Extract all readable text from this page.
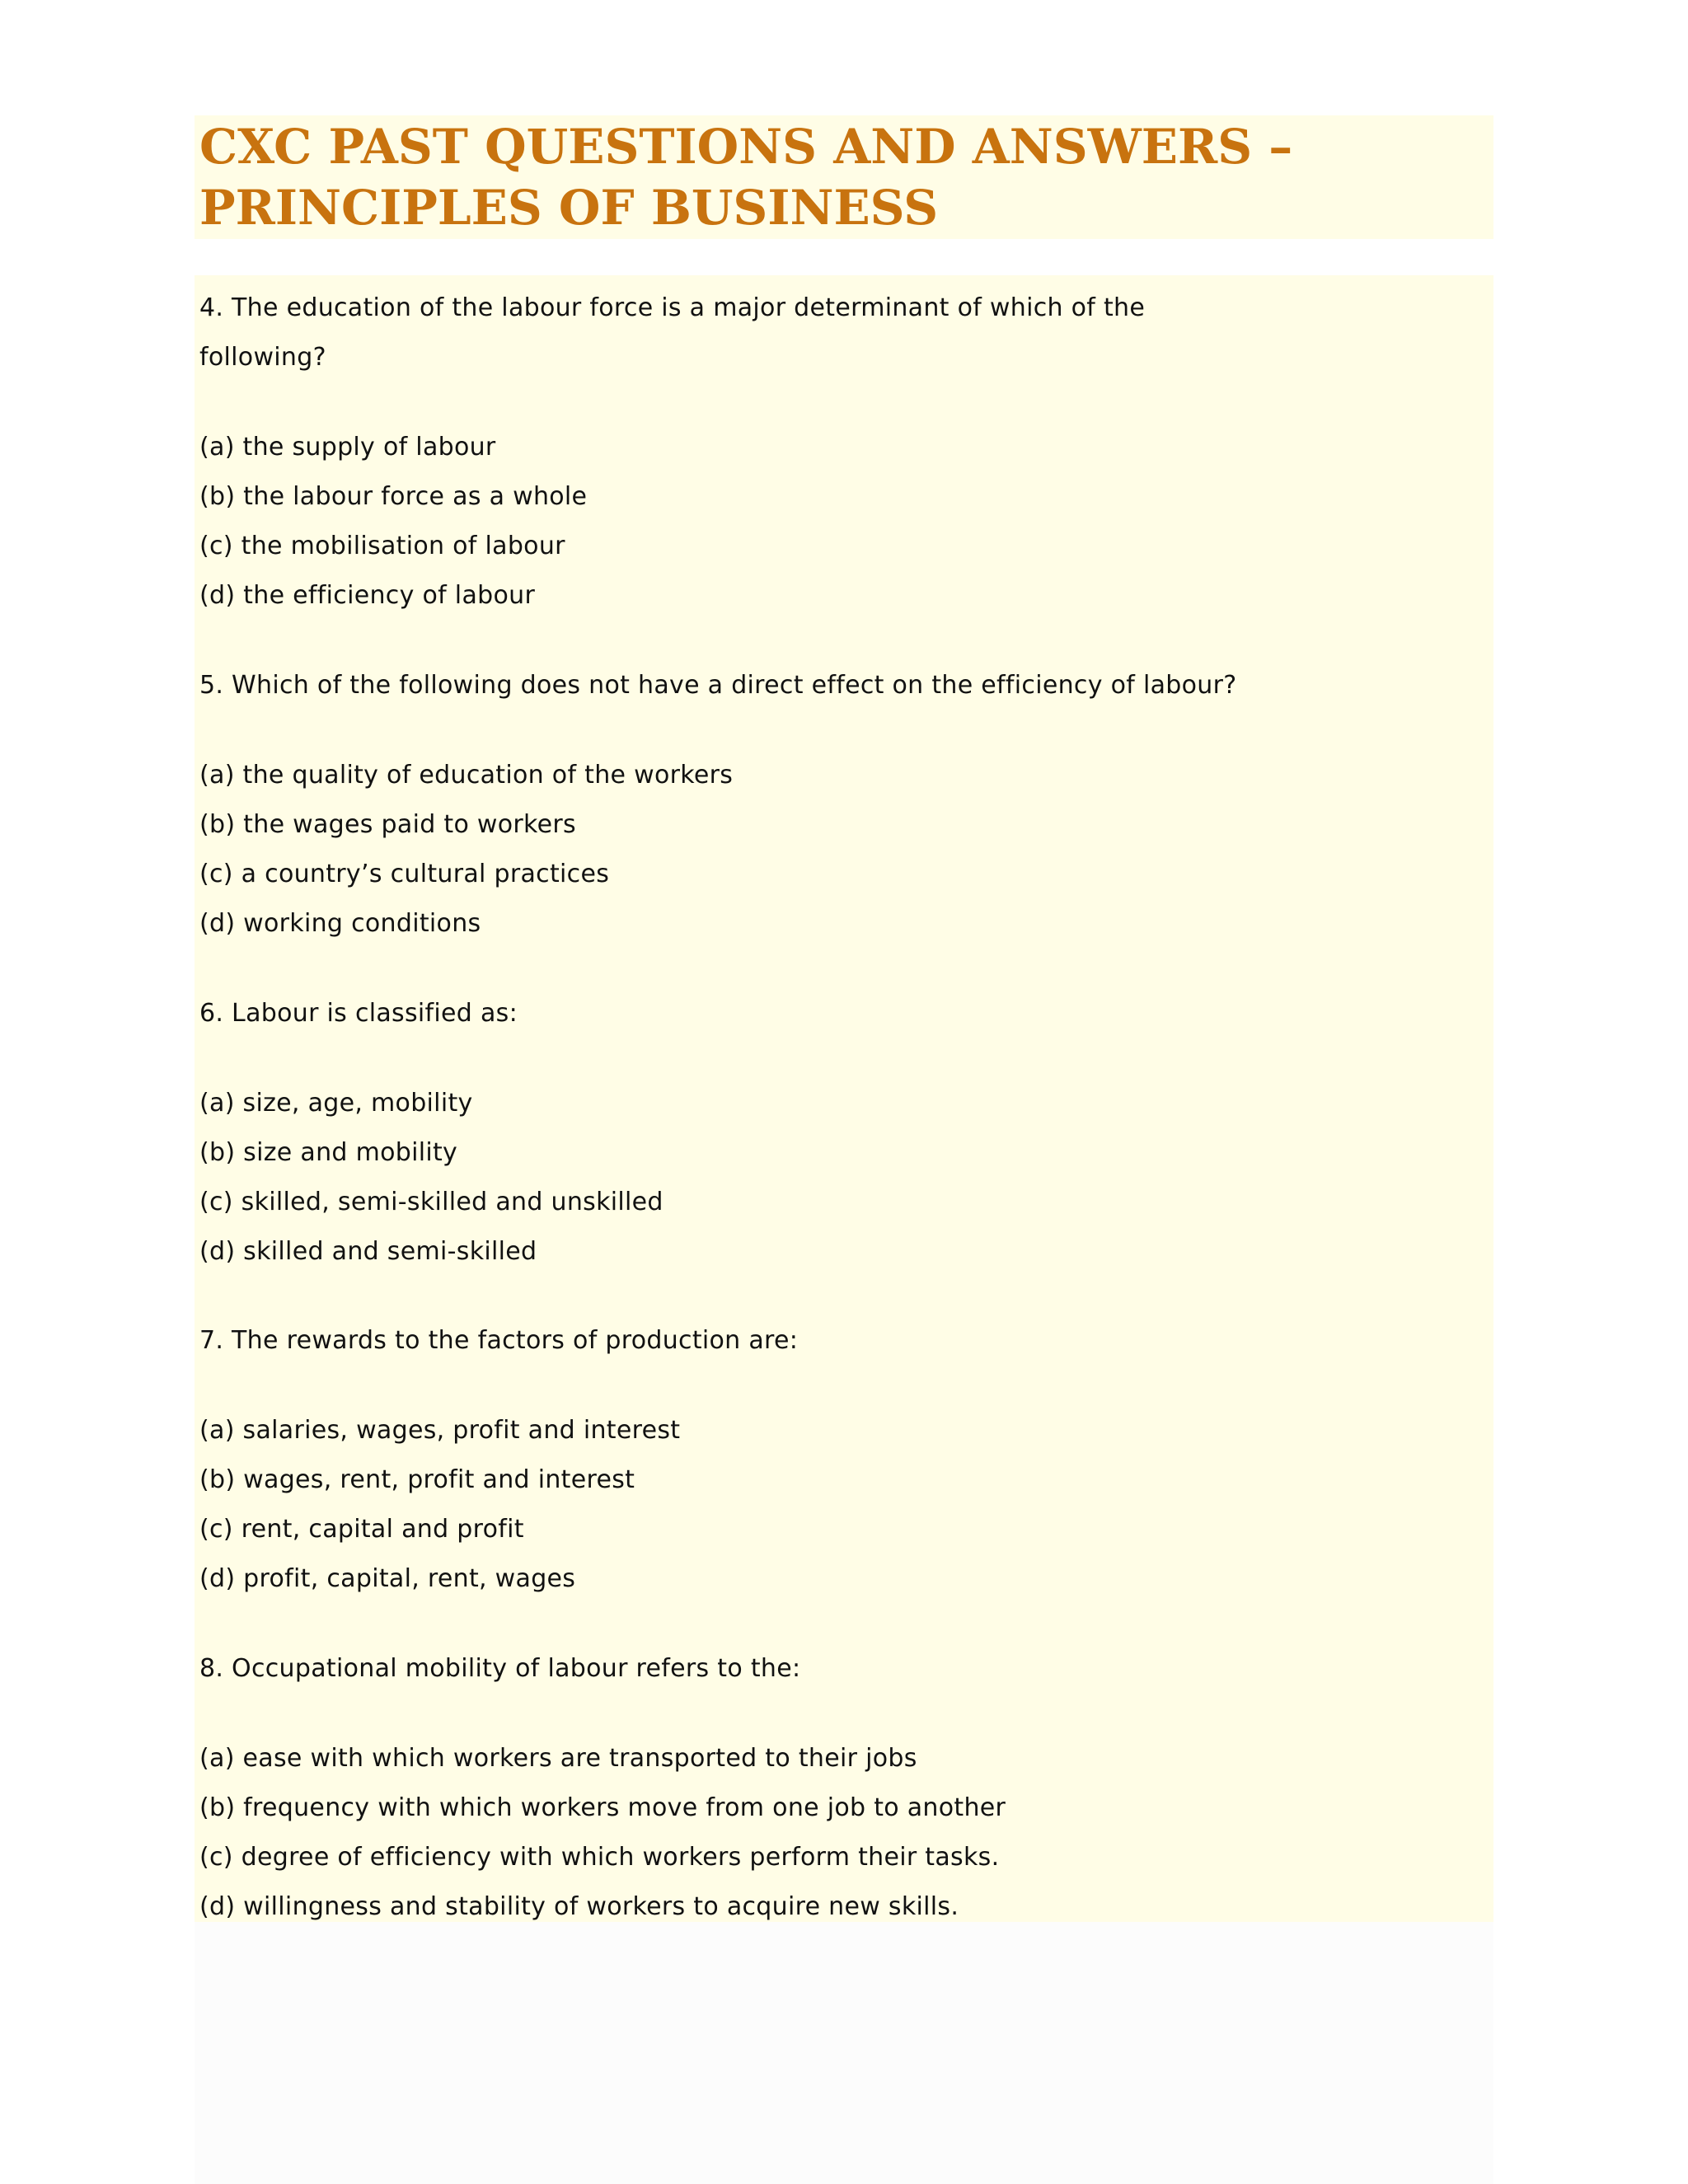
CXC PAST QUESTIONS AND ANSWERS –
PRINCIPLES OF BUSINESS
4. The education of the labour force is a major determinant of which of the
following?
(a) the supply of labour
(b) the labour force as a whole
(c) the mobilisation of labour
(d) the efficiency of labour
5. Which of the following does not have a direct effect on the efficiency of labour?
(a) the quality of education of the workers
(b) the wages paid to workers
(c) a country’s cultural practices
(d) working conditions
6. Labour is classified as:
(a) size, age, mobility
(b) size and mobility
(c) skilled, semi-skilled and unskilled
(d) skilled and semi-skilled
7. The rewards to the factors of production are:
(a) salaries, wages, profit and interest
(b) wages, rent, profit and interest
(c) rent, capital and profit
(d) profit, capital, rent, wages
8. Occupational mobility of labour refers to the:
(a) ease with which workers are transported to their jobs
(b) frequency with which workers move from one job to another
(c) degree of efficiency with which workers perform their tasks.
(d) willingness and stability of workers to acquire new skills.
